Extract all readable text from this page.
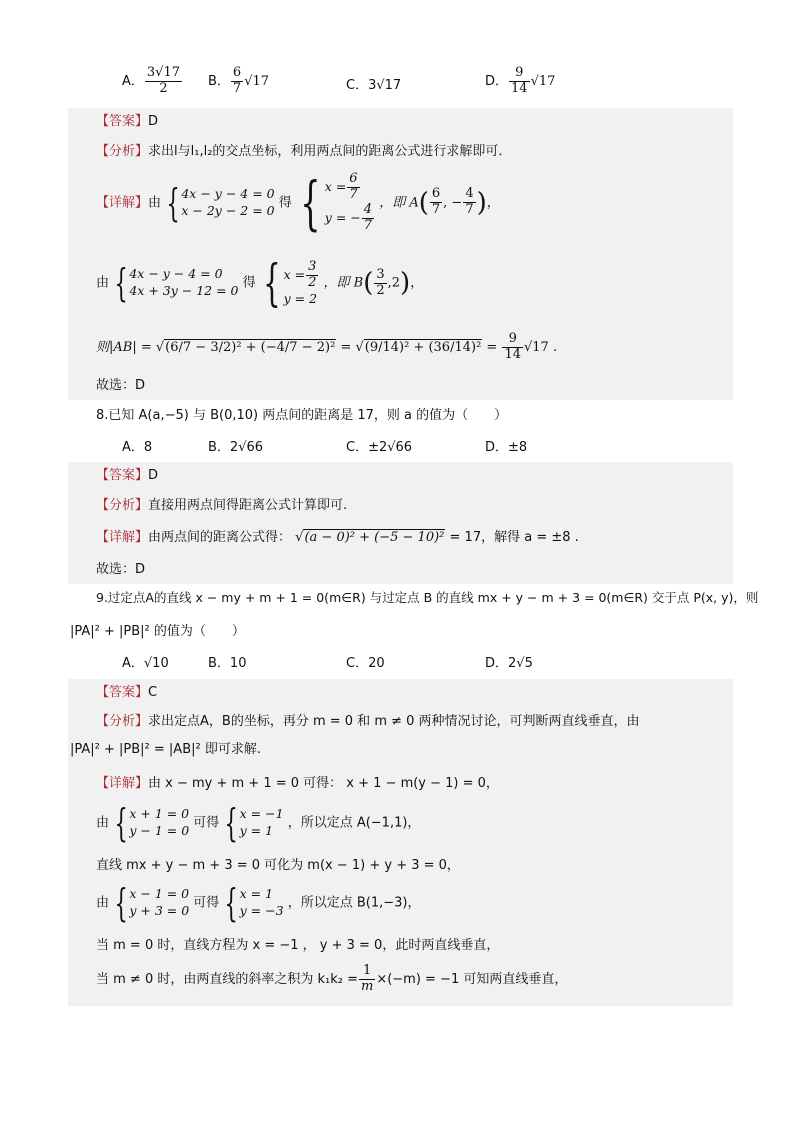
A． $\frac{3√17}{2}$ B． $\frac{6}{7} √17$	C．3√17	D． $\frac{9}{14} √17$
【答案】D
【分析】求出l与l₁,l₂的交点坐标，利用两点间的距离公式进行求解即可．
【详解】由 {4x − y − 4 = 0
x − 2y − 2 = 0 得 { $x = \frac{6}{7}$

y = − $\frac{4}{7}$ ，即 $A( \frac{6}{7}$ , − $\frac{4}{7}$ )，
由 {4x − y − 4 = 0
4x + 3y − 12 = 0 得 { $x = \frac{3}{2}$

y = 2 ，即 $B( \frac{3}{2} ,2)$，
则$|AB| = √(6/7 - 3/2)^2 + (-4/7 - 2)^2 = √(9/14)^2 + (36/14)^2 = \frac{9}{14} √17$ .
故选：D
8.已知 A(a,−5) 与 B(0,10) 两点间的距离是 17，则 a 的值为（　　）
A．8	B．2√66	C．±2√66	D．±8
【答案】D
【分析】直接用两点间得距离公式计算即可.
【详解】由两点间的距离公式得： √(a − 0)² + (−5 − 10)² = 17，解得 a = ±8 .
故选：D
9.过定点A的直线 x − my + m + 1 = 0(m∈R) 与过定点 B 的直线 mx + y − m + 3 = 0(m∈R) 交于点 P(x, y)，则
|PA|² + |PB|² 的值为（　　）
A．√10	B．10	C．20	D．2√5
【答案】C
【分析】求出定点A，B的坐标，再分 m = 0 和 m ≠ 0 两种情况讨论，可判断两直线垂直，由
|PA|² + |PB|² = |AB|² 即可求解.
【详解】由 x − my + m + 1 = 0 可得： x + 1 − m(y − 1) = 0，
由 {x + 1 = 0
y − 1 = 0 可得 {x = −1
y = 1 ，所以定点 A(−1,1)，
直线 mx + y − m + 3 = 0 可化为 m(x − 1) + y + 3 = 0，
由 {x − 1 = 0
y + 3 = 0 可得 {x = 1
y = −3 ，所以定点 B(1,−3)，
当 m = 0 时，直线方程为 x = −1 ， y + 3 = 0，此时两直线垂直，
当 m ≠ 0 时，由两直线的斜率之积为 $k_1k_2 = \frac{1}{m} \times(-m) = -1$ 可知两直线垂直，
